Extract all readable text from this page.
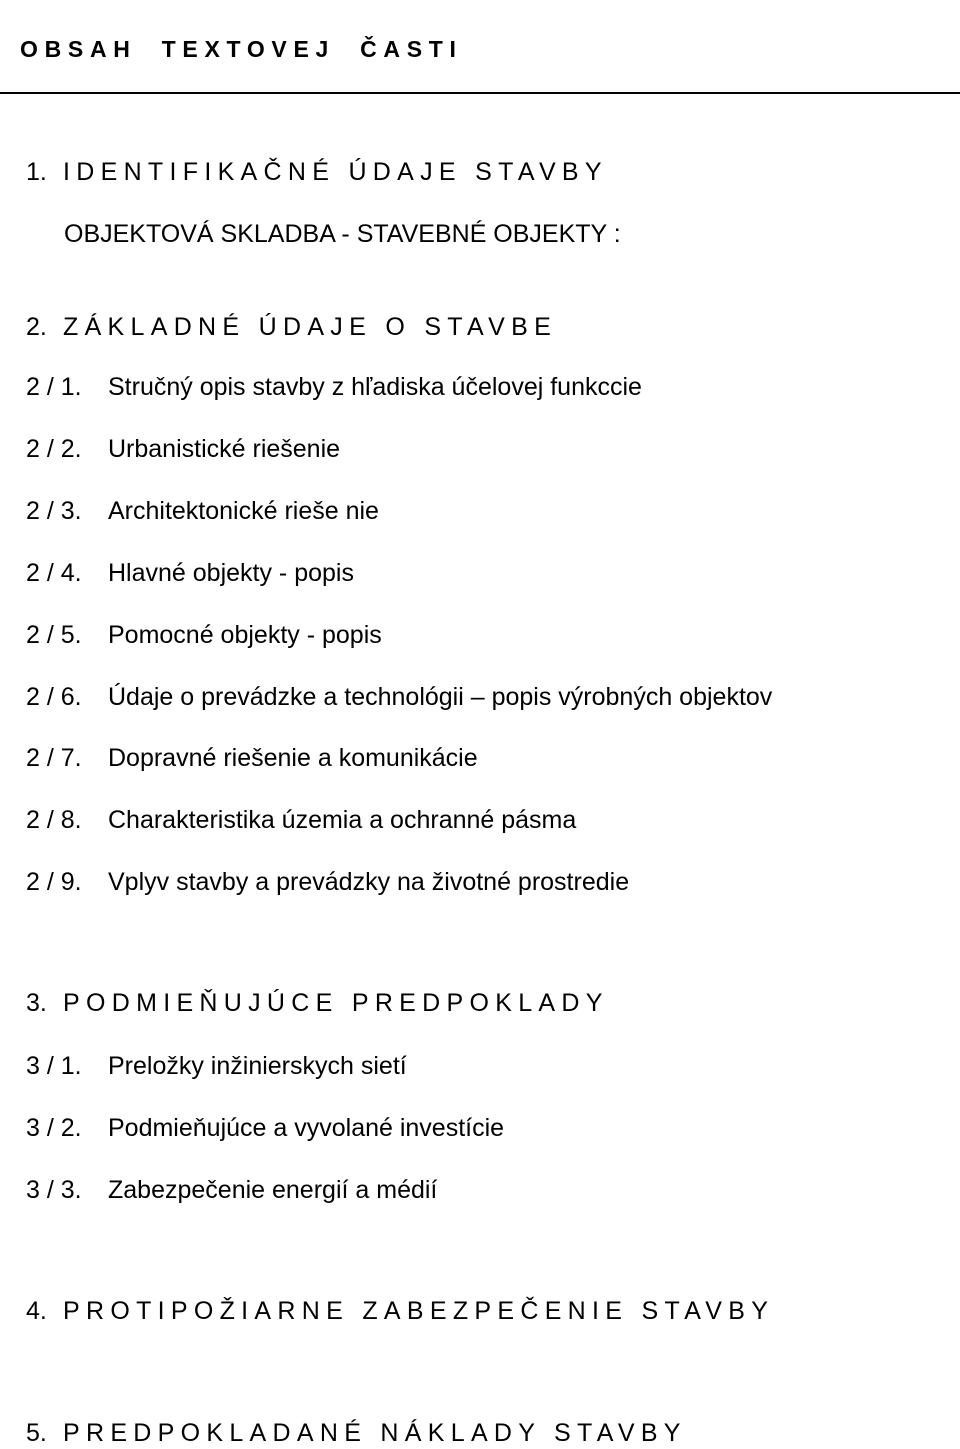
OBSAH TEXTOVEJ ČASTI
1. IDENTIFIKAČNÉ ÚDAJE STAVBY
OBJEKTOVÁ SKLADBA - STAVEBNÉ OBJEKTY :
2. ZÁKLADNÉ ÚDAJE O STAVBE
2 / 1. Stručný opis stavby z hľadiska účelovej funkccie
2 / 2. Urbanistické riešenie
2 / 3. Architektonické rieše nie
2 / 4. Hlavné objekty - popis
2 / 5. Pomocné objekty - popis
2 / 6. Údaje o prevádzke a technológii – popis výrobných objektov
2 / 7. Dopravné riešenie a komunikácie
2 / 8. Charakteristika územia a ochranné pásma
2 / 9. Vplyv stavby a prevádzky na životné prostredie
3. PODMIEŇUJÚCE PREDPOKLADY
3 / 1. Preložky inžinierskych sietí
3 / 2. Podmieňujúce a vyvolané investície
3 / 3. Zabezpečenie energií a médií
4. PROTIPOŽIARNE ZABEZPEČENIE STAVBY
5. PREDPOKLADANÉ NÁKLADY STAVBY
